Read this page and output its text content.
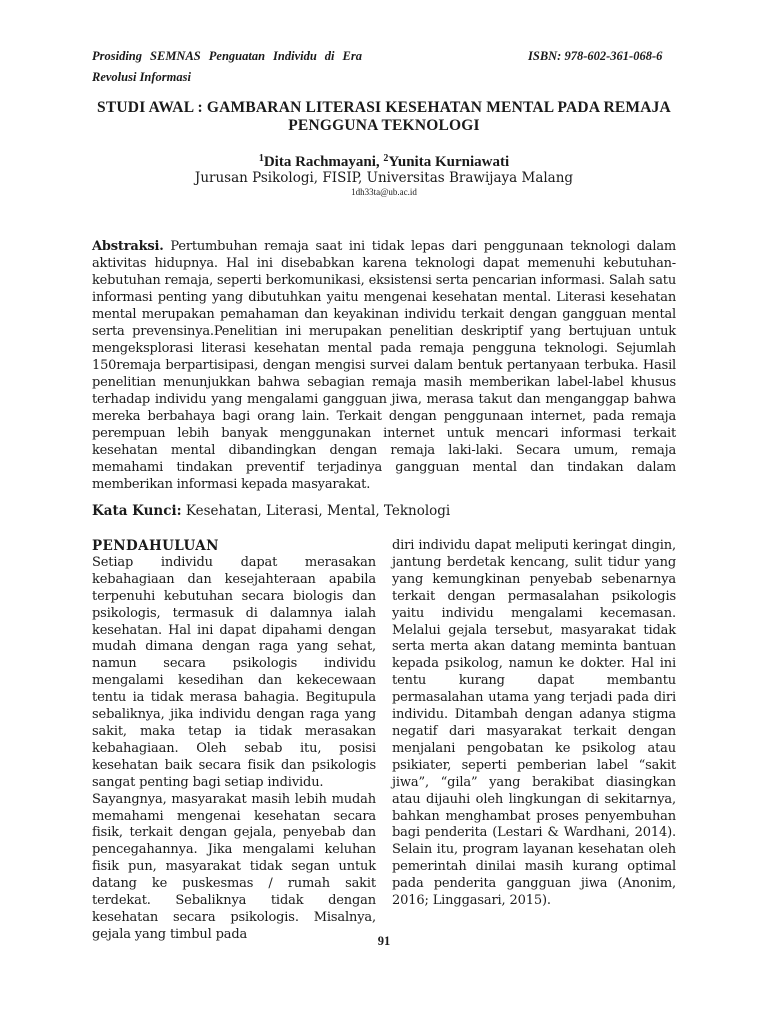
Prosiding SEMNAS Penguatan Individu di Era
Revolusi Informasi
ISBN: 978-602-361-068-6
STUDI AWAL : GAMBARAN LITERASI KESEHATAN MENTAL PADA REMAJA
PENGGUNA TEKNOLOGI
$^1$Dita Rachmayani, $^2$Yunita Kurniawati
Jurusan Psikologi, FISIP, Universitas Brawijaya Malang
1dh33ta@ub.ac.id
Abstraksi. Pertumbuhan remaja saat ini tidak lepas dari penggunaan teknologi dalam aktivitas hidupnya. Hal ini disebabkan karena teknologi dapat memenuhi kebutuhan-kebutuhan remaja, seperti berkomunikasi, eksistensi serta pencarian informasi. Salah satu informasi penting yang dibutuhkan yaitu mengenai kesehatan mental. Literasi kesehatan mental merupakan pemahaman dan keyakinan individu terkait dengan gangguan mental serta prevensinya.Penelitian ini merupakan penelitian deskriptif yang bertujuan untuk mengeksplorasi literasi kesehatan mental pada remaja pengguna teknologi. Sejumlah 150remaja berpartisipasi, dengan mengisi survei dalam bentuk pertanyaan terbuka. Hasil penelitian menunjukkan bahwa sebagian remaja masih memberikan label-label khusus terhadap individu yang mengalami gangguan jiwa, merasa takut dan menganggap bahwa mereka berbahaya bagi orang lain. Terkait dengan penggunaan internet, pada remaja perempuan lebih banyak menggunakan internet untuk mencari informasi terkait kesehatan mental dibandingkan dengan remaja laki-laki. Secara umum, remaja memahami tindakan preventif terjadinya gangguan mental dan tindakan dalam memberikan informasi kepada masyarakat.
Kata Kunci: Kesehatan, Literasi, Mental, Teknologi
PENDAHULUAN

Setiap individu dapat merasakan kebahagiaan dan kesejahteraan apabila terpenuhi kebutuhan secara biologis dan psikologis, termasuk di dalamnya ialah kesehatan. Hal ini dapat dipahami dengan mudah dimana dengan raga yang sehat, namun secara psikologis individu mengalami kesedihan dan kekecewaan tentu ia tidak merasa bahagia. Begitupula sebaliknya, jika individu dengan raga yang sakit, maka tetap ia tidak merasakan kebahagiaan. Oleh sebab itu, posisi kesehatan baik secara fisik dan psikologis sangat penting bagi setiap individu.

Sayangnya, masyarakat masih lebih mudah memahami mengenai kesehatan secara fisik, terkait dengan gejala, penyebab dan pencegahannya. Jika mengalami keluhan fisik pun, masyarakat tidak segan untuk datang ke puskesmas / rumah sakit terdekat. Sebaliknya tidak dengan kesehatan secara psikologis. Misalnya, gejala yang timbul pada

diri individu dapat meliputi keringat dingin, jantung berdetak kencang, sulit tidur yang yang kemungkinan penyebab sebenarnya terkait dengan permasalahan psikologis yaitu individu mengalami kecemasan. Melalui gejala tersebut, masyarakat tidak serta merta akan datang meminta bantuan kepada psikolog, namun ke dokter. Hal ini tentu kurang dapat membantu permasalahan utama yang terjadi pada diri individu. Ditambah dengan adanya stigma negatif dari masyarakat terkait dengan menjalani pengobatan ke psikolog atau psikiater, seperti pemberian label “sakit jiwa”, “gila” yang berakibat diasingkan atau dijauhi oleh lingkungan di sekitarnya, bahkan menghambat proses penyembuhan bagi penderita (Lestari & Wardhani, 2014). Selain itu, program layanan kesehatan oleh pemerintah dinilai masih kurang optimal pada penderita gangguan jiwa (Anonim, 2016; Linggasari, 2015).

91
